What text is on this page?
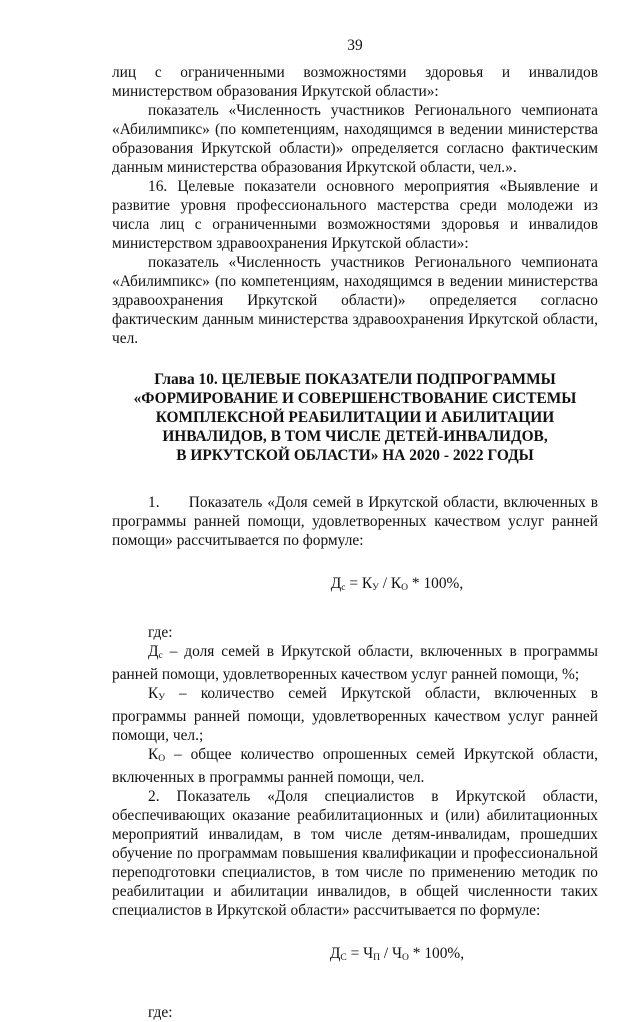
39

лиц с ограниченными возможностями здоровья и инвалидов

министерством образования Иркутской области»:

показатель «Численность участников Регионального чемпионата «Абилимпикс» (по компетенциям, находящимся в ведении министерства образования Иркутской области)» определяется согласно фактическим данным министерства образования Иркутской области, чел.».

16. Целевые показатели основного мероприятия «Выявление и развитие уровня профессионального мастерства среди молодежи из числа лиц с ограниченными возможностями здоровья и инвалидов министерством здравоохранения Иркутской области»:

показатель «Численность участников Регионального чемпионата «Абилимпикс» (по компетенциям, находящимся в ведении министерства здравоохранения Иркутской области)» определяется согласно фактическим данным министерства здравоохранения Иркутской области, чел.

Глава 10. ЦЕЛЕВЫЕ ПОКАЗАТЕЛИ ПОДПРОГРАММЫ
«ФОРМИРОВАНИЕ И СОВЕРШЕНСТВОВАНИЕ СИСТЕМЫ
КОМПЛЕКСНОЙ РЕАБИЛИТАЦИИ И АБИЛИТАЦИИ
ИНВАЛИДОВ, В ТОМ ЧИСЛЕ ДЕТЕЙ-ИНВАЛИДОВ,
В ИРКУТСКОЙ ОБЛАСТИ» НА 2020 - 2022 ГОДЫ

1.      Показатель «Доля семей в Иркутской области, включенных в программы ранней помощи, удовлетворенных качеством услуг ранней помощи» рассчитывается по формуле:

$Д_с = К_У / К_О * 100\%$,

где:

$Д_с$ – доля семей в Иркутской области, включенных в программы ранней помощи, удовлетворенных качеством услуг ранней помощи, %;

$К_У$ – количество семей Иркутской области, включенных в программы ранней помощи, удовлетворенных качеством услуг ранней помощи, чел.;

$К_О$ – общее количество опрошенных семей Иркутской области, включенных в программы ранней помощи, чел.

2. Показатель «Доля специалистов в Иркутской области, обеспечивающих оказание реабилитационных и (или) абилитационных мероприятий инвалидам, в том числе детям-инвалидам, прошедших обучение по программам повышения квалификации и профессиональной переподготовки специалистов, в том числе по применению методик по реабилитации и абилитации инвалидов, в общей численности таких специалистов в Иркутской области» рассчитывается по формуле:

$Д_С = Ч_П / Ч_О * 100\%$,

где:
